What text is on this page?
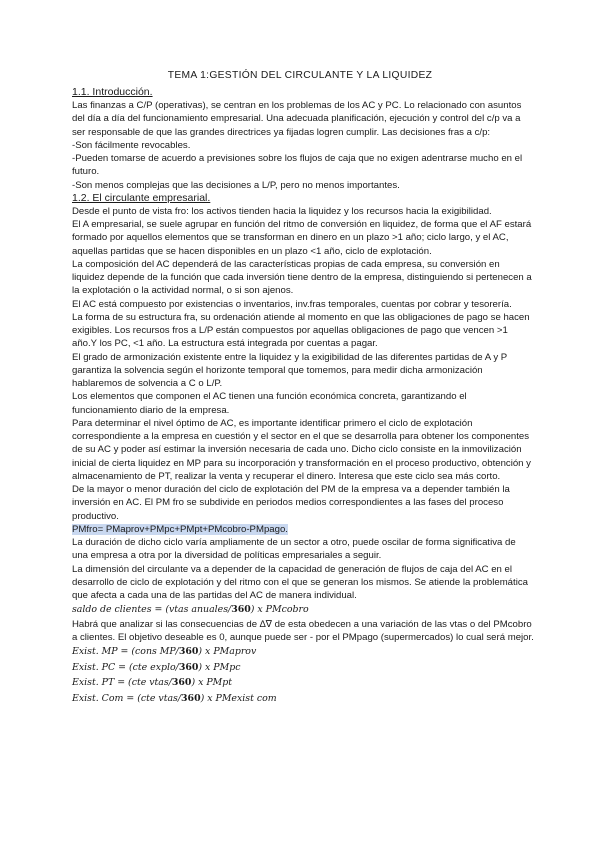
TEMA 1:GESTIÓN DEL CIRCULANTE Y LA LIQUIDEZ

1.1. Introducción.

Las finanzas a C/P (operativas), se centran en los problemas de los AC y PC. Lo relacionado con asuntos del día a día del funcionamiento empresarial. Una adecuada planificación, ejecución y control del c/p va a ser responsable de que las grandes directrices ya fijadas logren cumplir. Las decisiones fras a c/p:

-Son fácilmente revocables.

-Pueden tomarse de acuerdo a previsiones sobre los flujos de caja que no exigen adentrarse mucho en el futuro.

-Son menos complejas que las decisiones a L/P, pero no menos importantes.

1.2. El circulante empresarial.

Desde el punto de vista fro: los activos tienden hacia la liquidez y los recursos hacia la exigibilidad.

El A empresarial, se suele agrupar en función del ritmo de conversión en liquidez, de forma que el AF estará formado por aquellos elementos que se transforman en dinero en un plazo >1 año; ciclo largo, y el AC, aquellas partidas que se hacen disponibles en un plazo <1 año, ciclo de explotación.

La composición del AC dependerá de las características propias de cada empresa, su conversión en liquidez depende de la función que cada inversión tiene dentro de la empresa, distinguiendo si pertenecen a la explotación o la actividad normal, o si son ajenos.

El AC está compuesto por existencias o inventarios, inv.fras temporales, cuentas por cobrar y tesorería.

La forma de su estructura fra, su ordenación atiende al momento en que las obligaciones de pago se hacen exigibles. Los recursos fros a L/P están compuestos por aquellas obligaciones de pago que vencen >1 año.Y los PC, <1 año. La estructura está integrada por cuentas a pagar.

El grado de armonización existente entre la liquidez y la exigibilidad de las diferentes partidas de A y P garantiza la solvencia según el horizonte temporal que tomemos, para medir dicha armonización hablaremos de solvencia a C o L/P.

Los elementos que componen el AC tienen una función económica concreta, garantizando el funcionamiento diario de la empresa.

Para determinar el nivel óptimo de AC, es importante identificar primero el ciclo de explotación correspondiente a la empresa en cuestión y el sector en el que se desarrolla para obtener los componentes de su AC y poder así estimar la inversión necesaria de cada uno. Dicho ciclo consiste en la inmovilización inicial de cierta liquidez en MP para su incorporación y transformación en el proceso productivo, obtención y almacenamiento de PT, realizar la venta y recuperar el dinero. Interesa que este ciclo sea más corto.

De la mayor o menor duración del ciclo de explotación del PM de la empresa va a depender también la inversión en AC. El PM fro se subdivide en periodos medios correspondientes a las fases del proceso productivo.

PMfro= PMaprov+PMpc+PMpt+PMcobro-PMpago.

La duración de dicho ciclo varía ampliamente de un sector a otro, puede oscilar de forma significativa de una empresa a otra por la diversidad de políticas empresariales a seguir.

La dimensión del circulante va a depender de la capacidad de generación de flujos de caja del AC en el desarrollo de ciclo de explotación y del ritmo con el que se generan los mismos. Se atiende la problemática que afecta a cada una de las partidas del AC de manera individual.

saldo de clientes = (vtas anuales/360) x PMcobro

Habrá que analizar si las consecuencias de ∆∇ de esta obedecen a una variación de las vtas o del PMcobro a clientes. El objetivo deseable es 0, aunque puede ser - por el PMpago (supermercados) lo cual será mejor.

Exist. MP = (cons MP/360) x PMaprov

Exist. PC = (cte explo/360) x PMpc

Exist. PT = (cte vtas/360) x PMpt

Exist. Com = (cte vtas/360) x PMexist com
